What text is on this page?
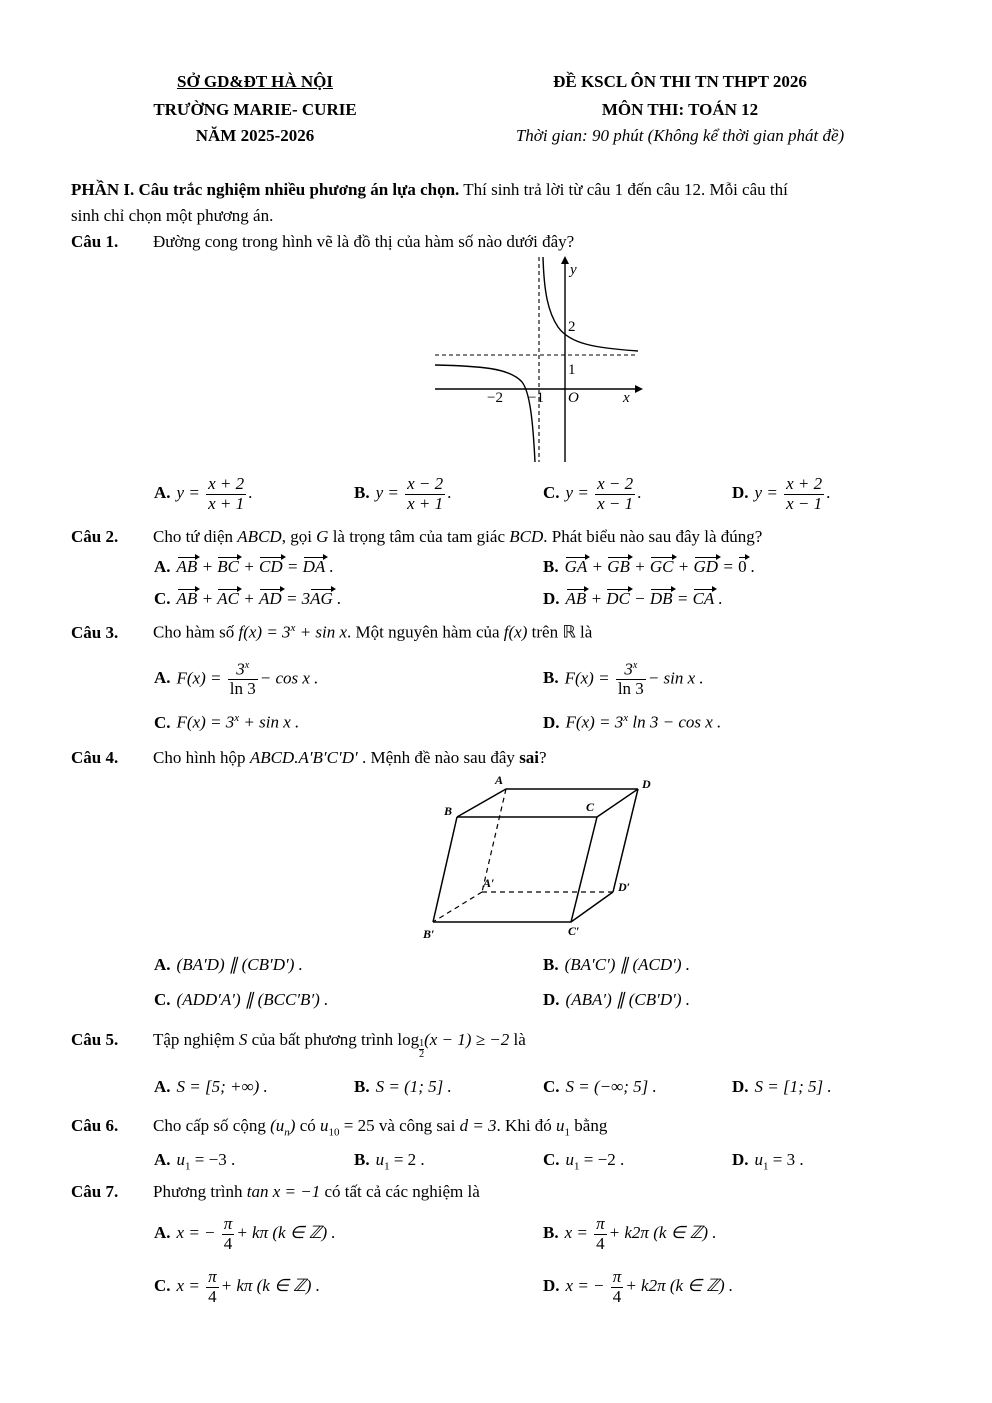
SỞ GD&ĐT HÀ NỘI
TRƯỜNG MARIE- CURIE
NĂM 2025-2026
ĐỀ KSCL ÔN THI TN THPT 2026
MÔN THI: TOÁN 12
Thời gian: 90 phút (Không kể thời gian phát đề)
PHẦN I. Câu trắc nghiệm nhiều phương án lựa chọn. Thí sinh trả lời từ câu 1 đến câu 12. Mỗi câu thí
sinh chỉ chọn một phương án.
Câu 1. Đường cong trong hình vẽ là đồ thị của hàm số nào dưới đây?
y
2
1
O	x
−2 −1
A. $y = \frac{x + 2}{x + 1}$ .	B. $y = \frac{x - 2}{x + 1}$ .	C. $y = \frac{x - 2}{x - 1}$ .	D. $y = \frac{x + 2}{x - 1}$ .
Câu 2. Cho tứ diện ABCD, gọi G là trọng tâm của tam giác BCD. Phát biểu nào sau đây là đúng?
A. AB + BC + CD = DA .	B. GA + GB + GC + GD = 0 .
C. AB + AC + AD = 3AG .	D. AB + DC − DB = CA .
Câu 3. Cho hàm số $f(x) = 3^x + \sin x$. Một nguyên hàm của f(x) trên ℝ là
A. $F(x) = \frac{3^x}{\ln 3} - \cos x$ .	B. $F(x) = \frac{3^x}{\ln 3} - \sin x$ .
C. $F(x) = 3^x + \sin x$ .	D. $F(x) = 3^x$ ln 3 − cos x .
Câu 4. Cho hình hộp ABCD.A′B′C′D′ . Mệnh đề nào sau đây sai?
A	D
B	C
A′	D′
B′	C′
A. (BA′D) ∥ (CB′D′) .	B. (BA′C′) ∥ (ACD′) .
C. (ADD′A′) ∥ (BCC′B′) .	D. (ABA′) ∥ (CB′D′) .
Câu 5. Tập nghiệm S của bất phương trình $\log \frac{1}{2} (x - 1) \ge -2$ là
A. S = [5; +∞) .	B. S = (1; 5] .	C. S = (−∞; 5] .	D. S = [1; 5] .
Câu 6. Cho cấp số cộng $(u_n)$ có $u_{10} = 25$ và công sai d = 3. Khi đó $u_1$ bằng
A. $u_1 = -3$ .	B. $u_1 = 2$ .	C. $u_1 = -2$ .	D. $u_1 = 3$ .
Câu 7. Phương trình tan x = −1 có tất cả các nghiệm là
A. x = − $\frac{\pi}{4} + k\pi$ (k ∈ ℤ) .	B. $x = \frac{\pi}{4} + k2\pi$ (k ∈ ℤ) .
C. $x = \frac{\pi}{4} + k\pi$ (k ∈ ℤ) .	D. x = − $\frac{\pi}{4} + k2\pi$ (k ∈ ℤ) .
